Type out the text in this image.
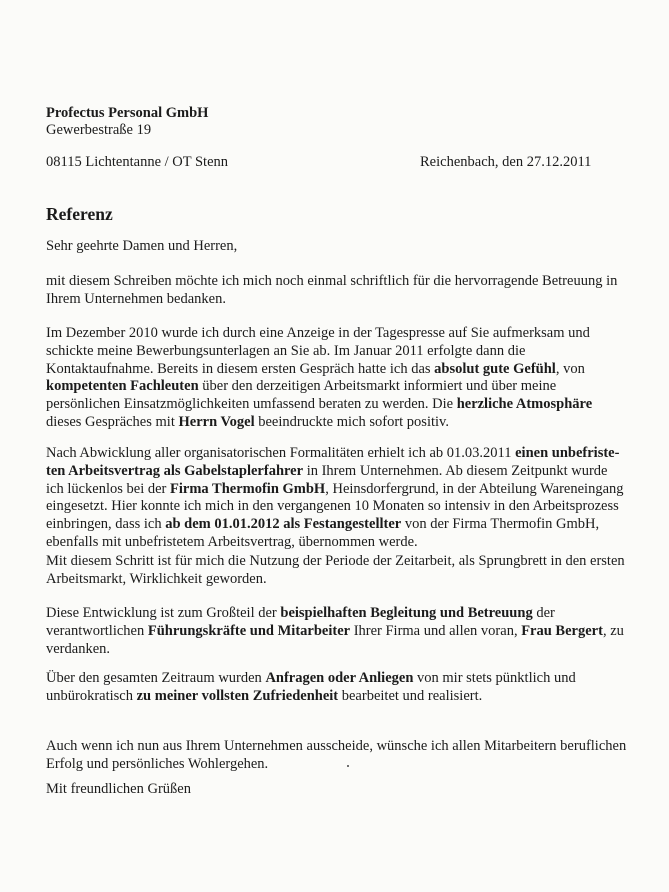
Profectus Personal GmbH
Gewerbestraße 19
08115 Lichtentanne / OT Stenn	Reichenbach, den 27.12.2011
Referenz
Sehr geehrte Damen und Herren,
mit diesem Schreiben möchte ich mich noch einmal schriftlich für die hervorragende Betreuung in
Ihrem Unternehmen bedanken.
Im Dezember 2010 wurde ich durch eine Anzeige in der Tagespresse auf Sie aufmerksam und
schickte meine Bewerbungsunterlagen an Sie ab. Im Januar 2011 erfolgte dann die
Kontaktaufnahme. Bereits in diesem ersten Gespräch hatte ich das absolut gute Gefühl, von
kompetenten Fachleuten über den derzeitigen Arbeitsmarkt informiert und über meine
persönlichen Einsatzmöglichkeiten umfassend beraten zu werden. Die herzliche Atmosphäre
dieses Gespräches mit Herrn Vogel beeindruckte mich sofort positiv.
Nach Abwicklung aller organisatorischen Formalitäten erhielt ich ab 01.03.2011 einen unbefriste-
ten Arbeitsvertrag als Gabelstaplerfahrer in Ihrem Unternehmen. Ab diesem Zeitpunkt wurde
ich lückenlos bei der Firma Thermofin GmbH, Heinsdorfergrund, in der Abteilung Wareneingang
eingesetzt. Hier konnte ich mich in den vergangenen 10 Monaten so intensiv in den Arbeitsprozess
einbringen, dass ich ab dem 01.01.2012 als Festangestellter von der Firma Thermofin GmbH,
ebenfalls mit unbefristetem Arbeitsvertrag, übernommen werde.
Mit diesem Schritt ist für mich die Nutzung der Periode der Zeitarbeit, als Sprungbrett in den ersten
Arbeitsmarkt, Wirklichkeit geworden.
Diese Entwicklung ist zum Großteil der beispielhaften Begleitung und Betreuung der
verantwortlichen Führungskräfte und Mitarbeiter Ihrer Firma und allen voran, Frau Bergert, zu
verdanken.
Über den gesamten Zeitraum wurden Anfragen oder Anliegen von mir stets pünktlich und
unbürokratisch zu meiner vollsten Zufriedenheit bearbeitet und realisiert.
Auch wenn ich nun aus Ihrem Unternehmen ausscheide, wünsche ich allen Mitarbeitern beruflichen
Erfolg und persönliches Wohlergehen.
Mit freundlichen Grüßen
